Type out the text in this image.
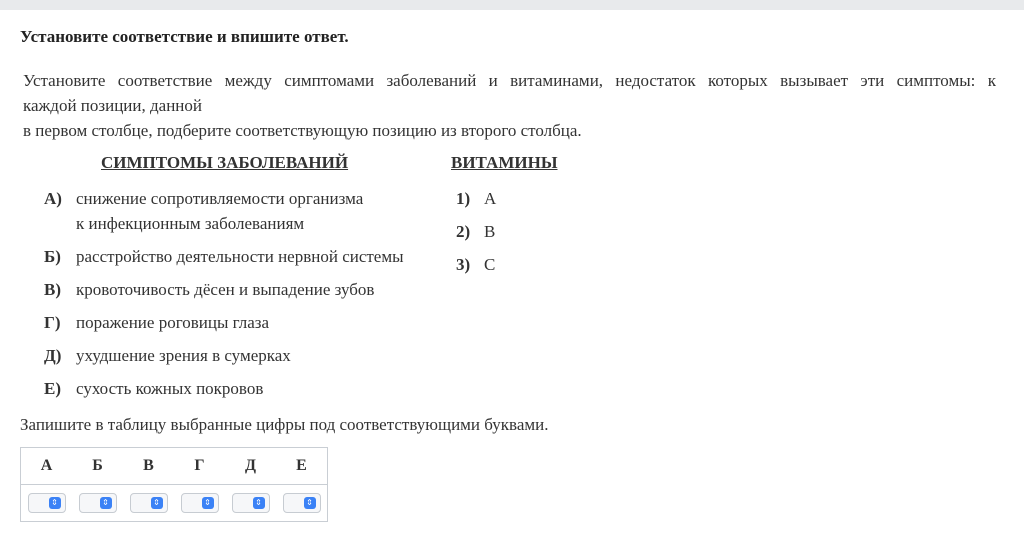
Установите соответствие и впишите ответ.
Установите соответствие между симптомами заболеваний и витаминами, недостаток которых вызывает эти симптомы: к
каждой позиции, данной
в первом столбце, подберите соответствующую позицию из второго столбца.
СИМПТОМЫ ЗАБОЛЕВАНИЙ	ВИТАМИНЫ
А) снижение сопротивляемости организма
к инфекционным заболеваниям
Б) расстройство деятельности нервной системы
В) кровоточивость дёсен и выпадение зубов
Г) поражение роговицы глаза
Д) ухудшение зрения в сумерках
Е) сухость кожных покровов
1) A
2) B
3) C
Запишите в таблицу выбранные цифры под соответствующими буквами.
А	Б	В	Г	Д	Е

⇕	⇕	⇕	⇕	⇕	⇕
